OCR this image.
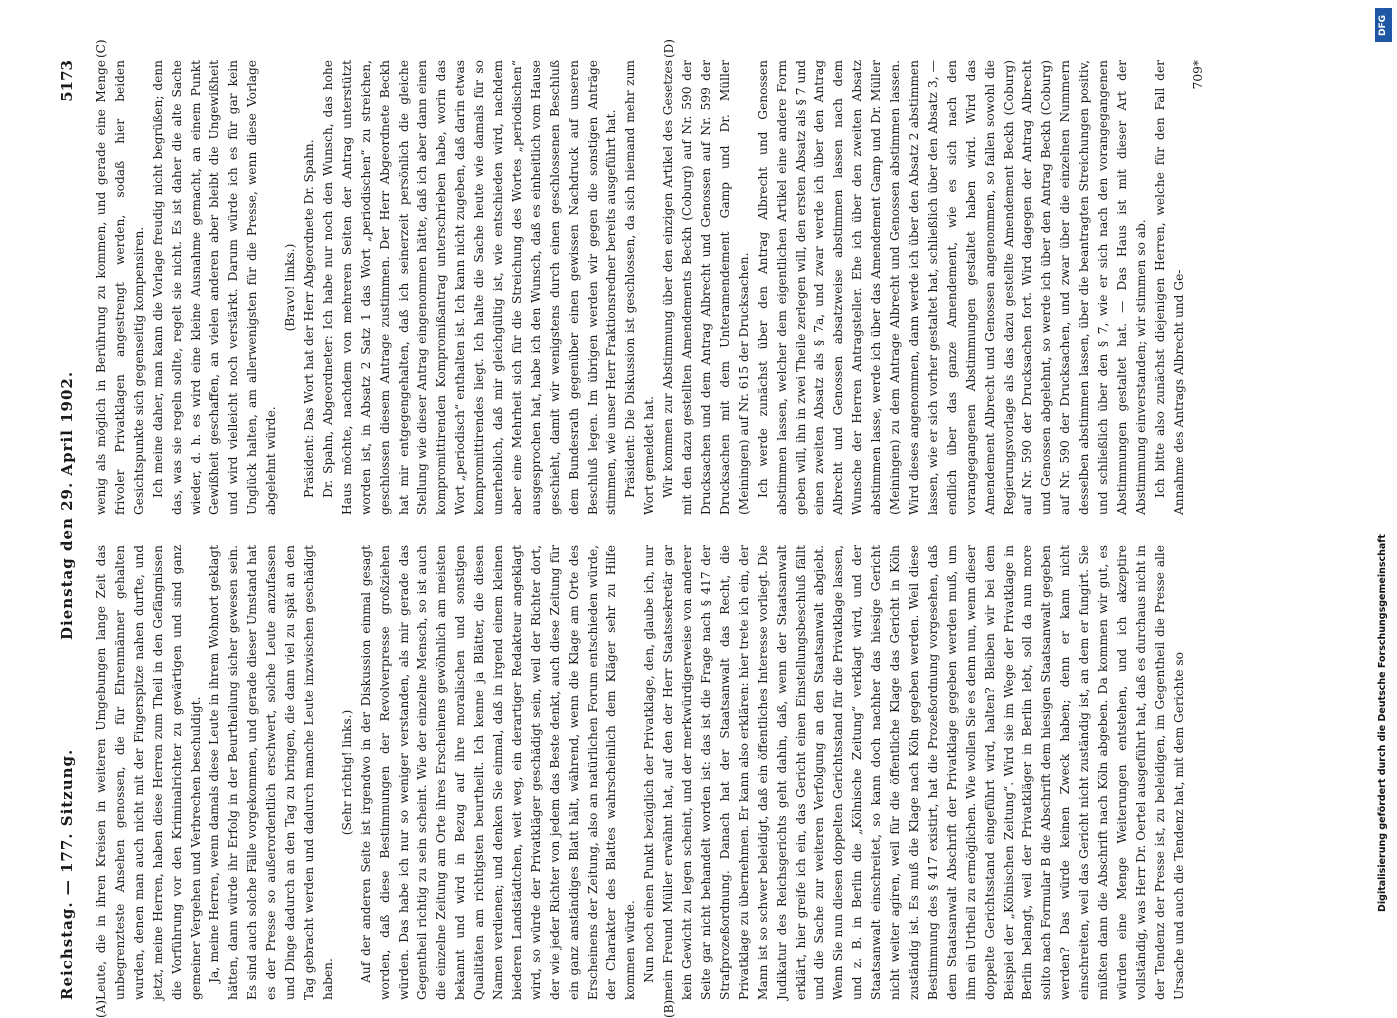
Reichstag. — 177. Sitzung.
Dienstag den 29. April 1902.
5173
(A)	(B)
(C)	(D)

Leute, die in ihren Kreisen in weiteren Umgebungen lange Zeit das unbegrenzteste Ansehen genossen, die für Ehrenmänner gehalten wurden, denen man auch nicht mit der Fingerspitze nahen durfte, und jetzt, meine Herren, haben diese Herren zum Theil in den Gefängnissen die Vorführung vor den Kriminalrichter zu gewärtigen und sind ganz gemeiner Vergehen und Verbrechen beschuldigt. Ja, meine Herren, wenn damals diese Leute in ihrem Wohnort geklagt hätten, dann würde ihr Erfolg in der Beurtheilung sicher gewesen sein. Es sind auch solche Fälle vorgekommen, und gerade dieser Umstand hat es der Presse so außerordentlich erschwert, solche Leute anzufassen und Dinge dadurch an den Tag zu bringen, die dann viel zu spät an den Tag gebracht werden und dadurch manche Leute inzwischen geschädigt haben.

(Sehr richtig! links.) Auf der anderen Seite ist irgendwo in der Diskussion einmal gesagt worden, daß diese Bestimmungen der Revolverpresse großziehen würden. Das habe ich nur so weniger verstanden, als mir gerade das Gegentheil richtig zu sein scheint. Wie der einzelne Mensch, so ist auch die einzelne Zeitung am Orte ihres Erscheinens gewöhnlich am meisten bekannt und wird in Bezug auf ihre moralischen und sonstigen Qualitäten am richtigsten beurtheilt. Ich kenne ja Blätter, die diesen Namen verdienen; und denken Sie einmal, daß in irgend einem kleinen biederen Landstädtchen, weit weg, ein derartiger Redakteur angeklagt wird, so würde der Privatkläger geschädigt sein, weil der Richter dort, der wie jeder Richter von jedem das Beste denkt, auch diese Zeitung für ein ganz anständiges Blatt hält, während, wenn die Klage am Orte des Erscheinens der Zeitung, also an natürlichen Forum entschieden würde, der Charakter des Blattes wahrscheinlich dem Kläger sehr zu Hilfe kommen würde. Nun noch einen Punkt bezüglich der Privatklage, den, glaube ich, nur mein Freund Müller erwähnt hat, auf den der Herr Staatssekretär gar kein Gewicht zu legen scheint, und der merkwürdigerweise von anderer Seite gar nicht behandelt worden ist: das ist die Frage nach § 417 der Strafprozeßordnung. Danach hat der Staatsanwalt das Recht, die Privatklage zu übernehmen. Er kann also erklären: hier trete ich ein, der Mann ist so schwer beleidigt, daß ein öffentliches Interesse vorliegt. Die Judikatur des Reichsgerichts geht dahin, daß, wenn der Staatsanwalt erklärt, hier greife ich ein, das Gericht einen Einstellungsbeschluß fällt und die Sache zur weiteren Verfolgung an den Staatsanwalt abgiebt. Wenn Sie nun diesen doppelten Gerichtsstand für die Privatklage lassen, und z. B. in Berlin die „Kölnische Zeitung“ verklagt wird, und der Staatsanwalt einschreitet, so kann doch nachher das hiesige Gericht nicht weiter agiren, weil für die öffentliche Klage das Gericht in Köln zuständig ist. Es muß die Klage nach Köln gegeben werden. Weil diese Bestimmung des § 417 existirt, hat die Prozeßordnung vorgesehen, daß dem Staatsanwalt Abschrift der Privatklage gegeben werden muß, um ihm ein Urtheil zu ermöglichen. Wie wollen Sie es denn nun, wenn dieser doppelte Gerichtsstand eingeführt wird, halten? Bleiben wir bei dem Beispiel der „Kölnischen Zeitung“. Wird sie im Wege der Privatklage in Berlin belangt, weil der Privatkläger in Berlin lebt, soll da nun more solito nach Formular B die Abschrift dem hiesigen Staatsanwalt gegeben werden? Das würde keinen Zweck haben; denn er kann nicht einschreiten, weil das Gericht nicht zuständig ist, an dem er fungirt. Sie müßten dann die Abschrift nach Köln abgeben. Da kommen wir gut, es würden eine Menge Weiterungen entstehen, und ich akzeptire vollständig, was Herr Dr. Oertel ausgeführt hat, daß es durchaus nicht in der Tendenz der Presse ist, zu beleidigen, im Gegentheil die Presse alle Ursache und auch die Tendenz hat, mit dem Gerichte so

wenig als möglich in Berührung zu kommen, und gerade eine Menge frivoler Privatklagen angestrengt werden, sodaß hier beiden Gesichtspunkte sich gegenseitig kompensiren. Ich meine daher, man kann die Vorlage freudig nicht begrüßen; denn das, was sie regeln sollte, regelt sie nicht. Es ist daher die alte Sache wieder, d. h. es wird eine kleine Ausnahme gemacht, an einem Punkt Gewißheit geschaffen, an vielen anderen aber bleibt die Ungewißheit und wird vielleicht noch verstärkt. Darum würde ich es für gar kein Unglück halten, am allerwenigsten für die Presse, wenn diese Vorlage abgelehnt würde.

(Bravo! links.) Präsident: Das Wort hat der Herr Abgeordnete Dr. Spahn. Dr. Spahn, Abgeordneter: Ich habe nur noch den Wunsch, das hohe Haus möchte, nachdem von mehreren Seiten der Antrag unterstützt worden ist, in Absatz 2 Satz 1 das Wort „periodischen“ zu streichen, geschlossen diesem Antrage zustimmen. Der Herr Abgeordnete Beckh hat mir entgegengehalten, daß ich seinerzeit persönlich die gleiche Stellung wie dieser Antrag eingenommen hätte, daß ich aber dann einen kompromittirenden Kompromißantrag unterschrieben habe, worin das Wort „periodisch“ enthalten ist. Ich kann nicht zugeben, daß darin etwas kompromittirendes liegt. Ich halte die Sache heute wie damals für so unerheblich, daß mir gleichgültig ist, wie entschieden wird, nachdem aber eine Mehrheit sich für die Streichung des Wortes „periodischen“ ausgesprochen hat, habe ich den Wunsch, daß es einheitlich vom Hause geschieht, damit wir wenigstens durch einen geschlossenen Beschluß dem Bundesrath gegenüber einen gewissen Nachdruck auf unseren Beschluß legen. Im übrigen werden wir gegen die sonstigen Anträge stimmen, wie unser Herr Fraktionsredner bereits ausgeführt hat. Präsident: Die Diskussion ist geschlossen, da sich niemand mehr zum Wort gemeldet hat. Wir kommen zur Abstimmung über den einzigen Artikel des Gesetzes mit den dazu gestellten Amendements Beckh (Coburg) auf Nr. 590 der Drucksachen und dem Antrag Albrecht und Genossen auf Nr. 599 der Drucksachen mit dem Unteramendement Gamp und Dr. Müller (Meiningen) auf Nr. 615 der Drucksachen. Ich werde zunächst über den Antrag Albrecht und Genossen abstimmen lassen, welcher dem eigentlichen Artikel eine andere Form geben will, ihn in zwei Theile zerlegen will, den ersten Absatz als § 7 und einen zweiten Absatz als § 7a, und zwar werde ich über den Antrag Albrecht und Genossen absatzweise abstimmen lassen nach dem Wunsche der Herren Antragsteller. Ehe ich über den zweiten Absatz abstimmen lasse, werde ich über das Amendement Gamp und Dr. Müller (Meiningen) zu dem Antrage Albrecht und Genossen abstimmen lassen. Wird dieses angenommen, dann werde ich über den Absatz 2 abstimmen lassen, wie er sich vorher gestaltet hat, schließlich über den Absatz 3, — endlich über das ganze Amendement, wie es sich nach den vorangegangenen Abstimmungen gestaltet haben wird. Wird das Amendement Albrecht und Genossen angenommen, so fallen sowohl die Regierungsvorlage als das dazu gestellte Amendement Beckh (Coburg) auf Nr. 590 der Drucksachen fort. Wird dagegen der Antrag Albrecht und Genossen abgelehnt, so werde ich über den Antrag Beckh (Coburg) auf Nr. 590 der Drucksachen, und zwar über die einzelnen Nummern desselben abstimmen lassen, über die beantragten Streichungen positiv, und schließlich über den § 7, wie er sich nach den vorangegangenen Abstimmungen gestaltet hat. — Das Haus ist mit dieser Art der Abstimmung einverstanden; wir stimmen so ab. Ich bitte also zunächst diejenigen Herren, welche für den Fall der Annahme des Antrags Albrecht und Ge-

709*

DFG
Digitalisierung gefördert durch die Deutsche Forschungsgemeinschaft
